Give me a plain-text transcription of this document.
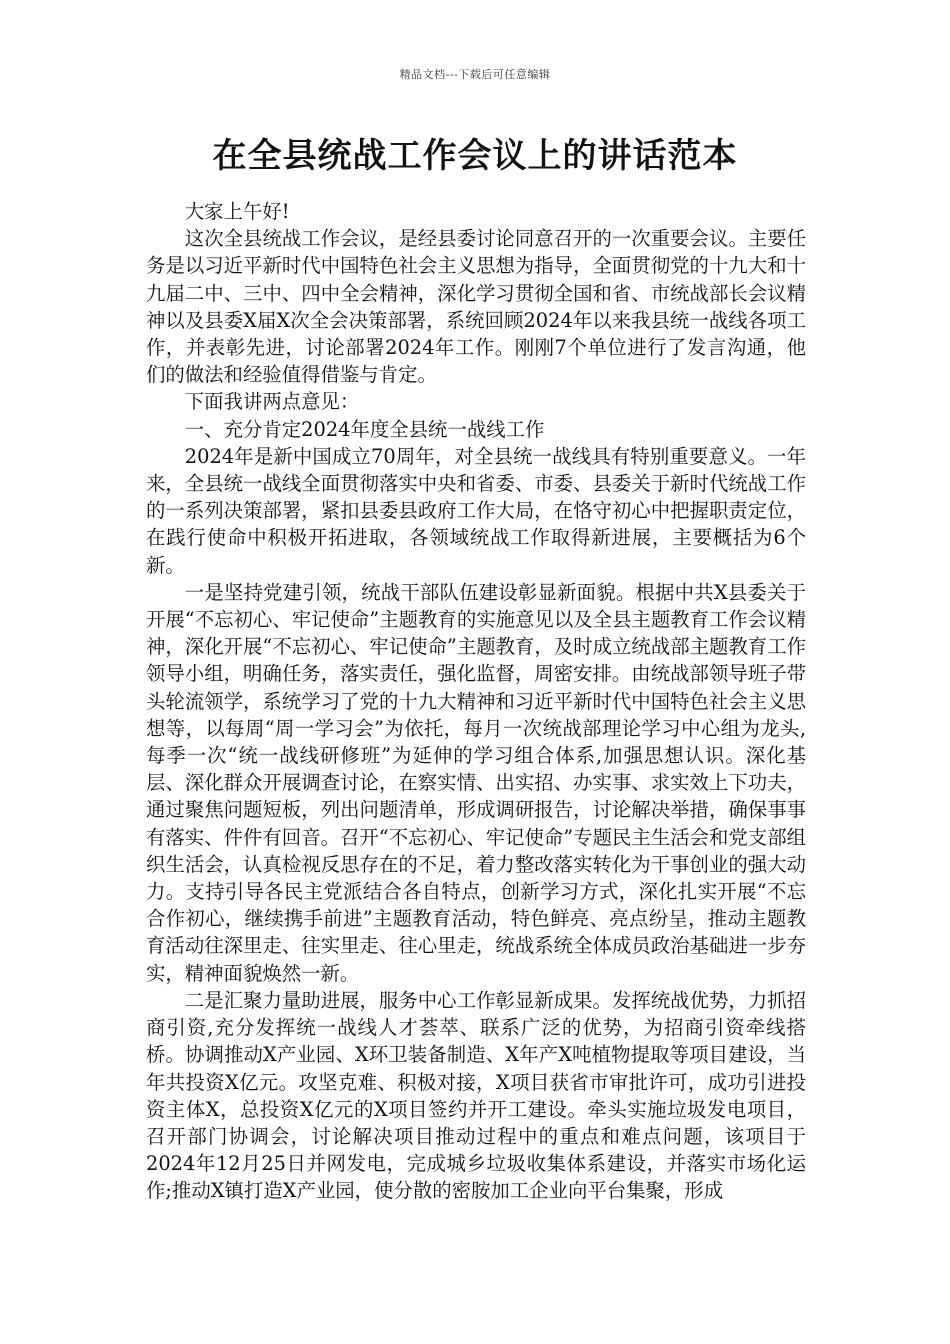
精品文档---下载后可任意编辑
在全县统战工作会议上的讲话范本

大家上午好!

这次全县统战工作会议，是经县委讨论同意召开的一次重要会议。主要任务是以习近平新时代中国特色社会主义思想为指导，全面贯彻党的十九大和十九届二中、三中、四中全会精神，深化学习贯彻全国和省、市统战部长会议精神以及县委X届X次全会决策部署，系统回顾2024年以来我县统一战线各项工作，并表彰先进，讨论部署2024年工作。刚刚7个单位进行了发言沟通，他们的做法和经验值得借鉴与肯定。

下面我讲两点意见：

一、充分肯定2024年度全县统一战线工作

2024年是新中国成立70周年，对全县统一战线具有特别重要意义。一年来，全县统一战线全面贯彻落实中央和省委、市委、县委关于新时代统战工作的一系列决策部署，紧扣县委县政府工作大局，在恪守初心中把握职责定位，在践行使命中积极开拓进取，各领域统战工作取得新进展，主要概括为6个新。

一是坚持党建引领，统战干部队伍建设彰显新面貌。根据中共X县委关于开展“不忘初心、牢记使命”主题教育的实施意见以及全县主题教育工作会议精神，深化开展“不忘初心、牢记使命”主题教育，及时成立统战部主题教育工作领导小组，明确任务，落实责任，强化监督，周密安排。由统战部领导班子带头轮流领学，系统学习了党的十九大精神和习近平新时代中国特色社会主义思想等，以每周“周一学习会”为依托，每月一次统战部理论学习中心组为龙头,每季一次“统一战线研修班”为延伸的学习组合体系,加强思想认识。深化基层、深化群众开展调查讨论，在察实情、出实招、办实事、求实效上下功夫，通过聚焦问题短板，列出问题清单，形成调研报告，讨论解决举措，确保事事有落实、件件有回音。召开“不忘初心、牢记使命”专题民主生活会和党支部组织生活会，认真检视反思存在的不足，着力整改落实转化为干事创业的强大动力。支持引导各民主党派结合各自特点，创新学习方式，深化扎实开展“不忘合作初心，继续携手前进”主题教育活动，特色鲜亮、亮点纷呈，推动主题教育活动往深里走、往实里走、往心里走，统战系统全体成员政治基础进一步夯实，精神面貌焕然一新。

二是汇聚力量助进展，服务中心工作彰显新成果。发挥统战优势，力抓招商引资,充分发挥统一战线人才荟萃、联系广泛的优势，为招商引资牵线搭桥。协调推动X产业园、X环卫装备制造、X年产X吨植物提取等项目建设，当年共投资X亿元。攻坚克难、积极对接，X项目获省市审批许可，成功引进投资主体X，总投资X亿元的X项目签约并开工建设。牵头实施垃圾发电项目，召开部门协调会，讨论解决项目推动过程中的重点和难点问题，该项目于2024年12月25日并网发电，完成城乡垃圾收集体系建设，并落实市场化运作;推动X镇打造X产业园，使分散的密胺加工企业向平台集聚，形成
